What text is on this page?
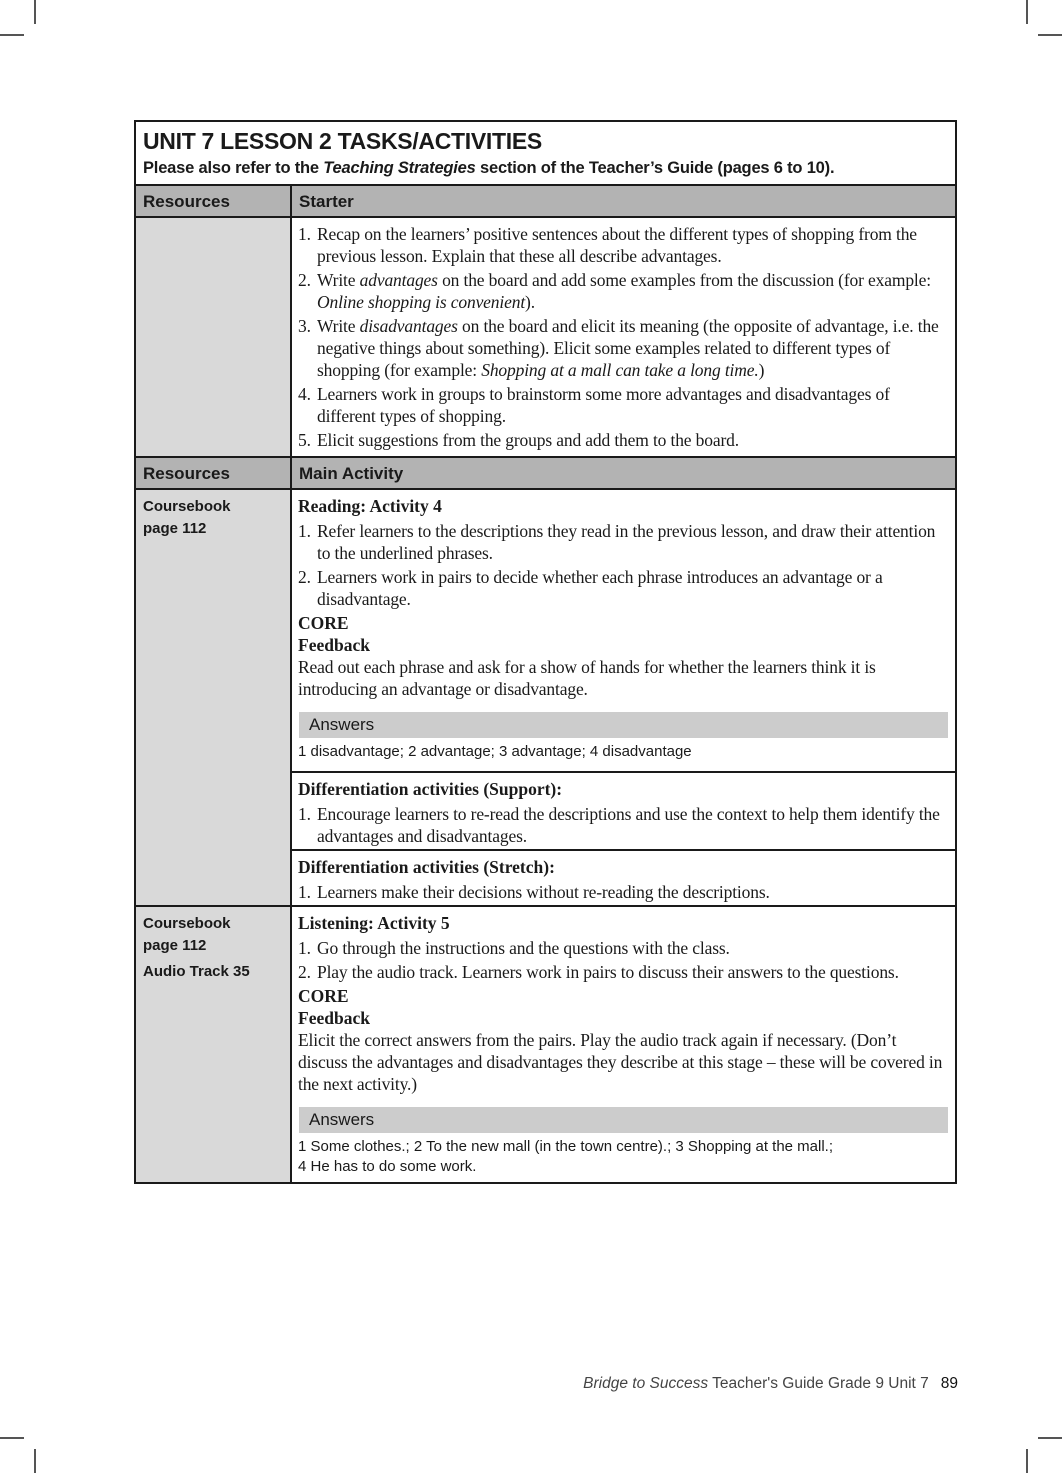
UNIT 7 LESSON 2 TASKS/ACTIVITIES
Please also refer to the Teaching Strategies section of the Teacher’s Guide (pages 6 to 10).
Resources	Starter
1. Recap on the learners’ positive sentences about the different types of shopping from the previous lesson. Explain that these all describe advantages.
2. Write advantages on the board and add some examples from the discussion (for example: Online shopping is convenient).
3. Write disadvantages on the board and elicit its meaning (the opposite of advantage, i.e. the negative things about something). Elicit some examples related to different types of shopping (for example: Shopping at a mall can take a long time.)
4. Learners work in groups to brainstorm some more advantages and disadvantages of different types of shopping.
5. Elicit suggestions from the groups and add them to the board.
Resources	Main Activity
Coursebook
page 112
Reading: Activity 4
1. Refer learners to the descriptions they read in the previous lesson, and draw their attention to the underlined phrases.
2. Learners work in pairs to decide whether each phrase introduces an advantage or a disadvantage.
CORE
Feedback
Read out each phrase and ask for a show of hands for whether the learners think it is introducing an advantage or disadvantage.
Answers
1 disadvantage; 2 advantage; 3 advantage; 4 disadvantage
Differentiation activities (Support):
1. Encourage learners to re-read the descriptions and use the context to help them identify the advantages and disadvantages.
Differentiation activities (Stretch):
1. Learners make their decisions without re-reading the descriptions.
Coursebook
page 112
Audio Track 35
Listening: Activity 5
1. Go through the instructions and the questions with the class.
2. Play the audio track. Learners work in pairs to discuss their answers to the questions.
CORE
Feedback
Elicit the correct answers from the pairs. Play the audio track again if necessary. (Don’t discuss the advantages and disadvantages they describe at this stage – these will be covered in the next activity.)
Answers
1 Some clothes.; 2 To the new mall (in the town centre).; 3 Shopping at the mall.;
4 He has to do some work.
Bridge to Success Teacher's Guide Grade 9 Unit 7 89
